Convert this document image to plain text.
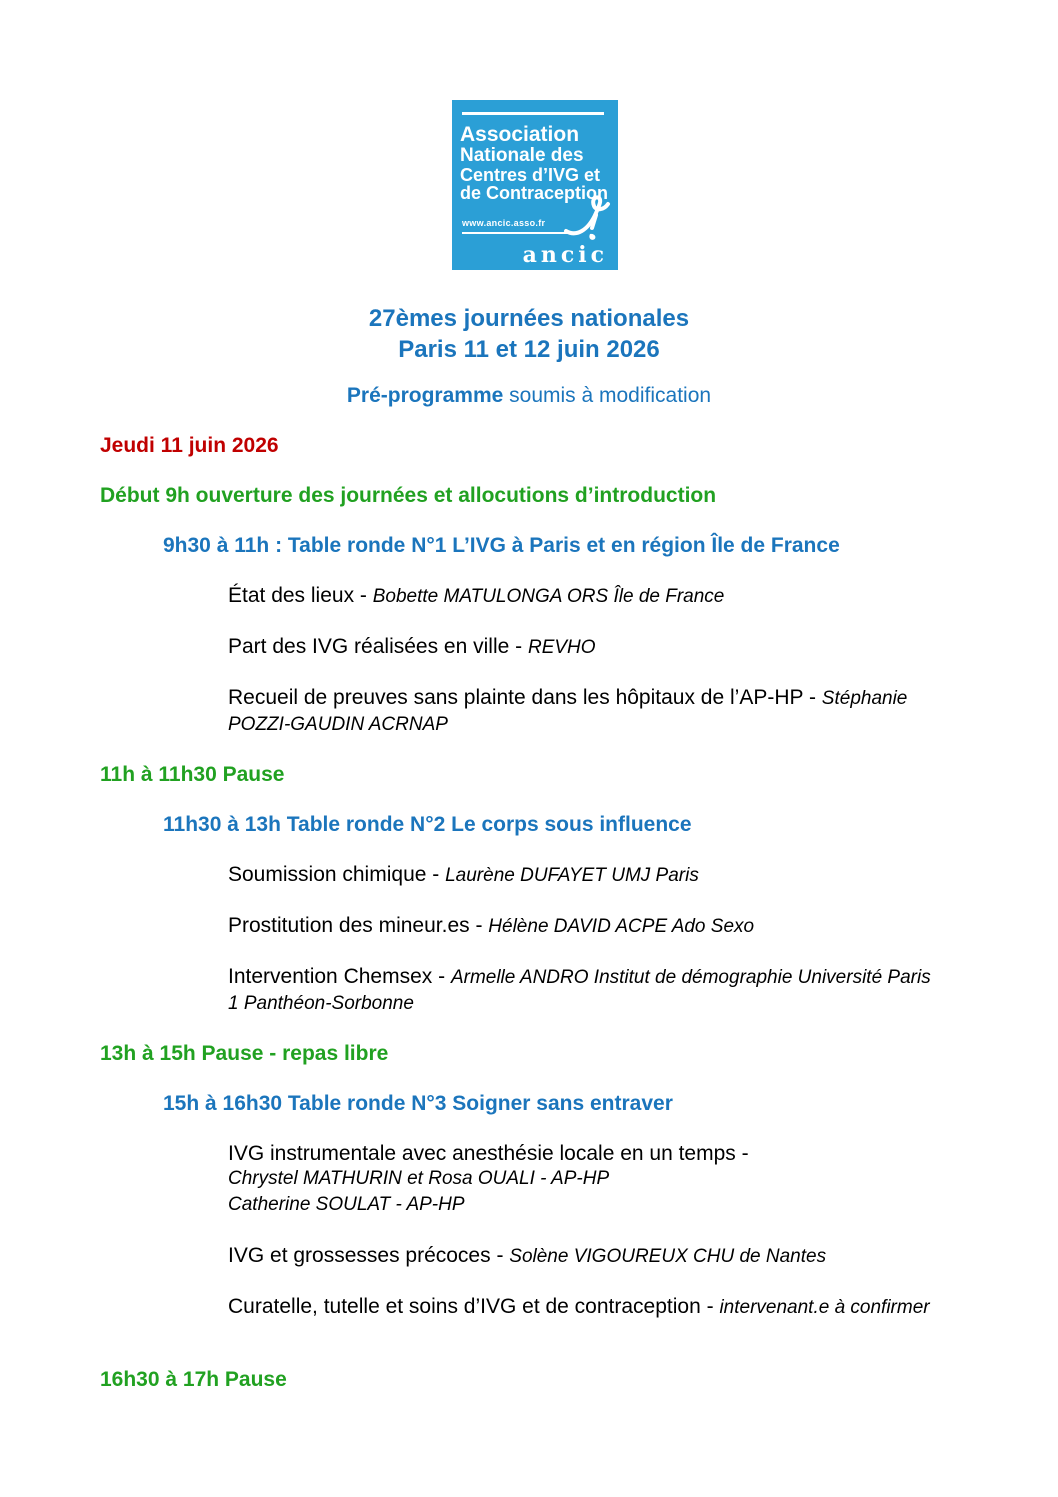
Association
Nationale des
Centres d’IVG et
de Contraception
www.ancic.asso.fr
ancic
27èmes journées nationales
Paris 11 et 12 juin 2026
Pré-programme soumis à modification

Jeudi 11 juin 2026

Début 9h ouverture des journées et allocutions d’introduction

9h30 à 11h : Table ronde N°1 L’IVG à Paris et en région Île de France

État des lieux - Bobette MATULONGA ORS Île de France

Part des IVG réalisées en ville - REVHO

Recueil de preuves sans plainte dans les hôpitaux de l’AP-HP - Stéphanie POZZI-GAUDIN ACRNAP

11h à 11h30 Pause

11h30 à 13h Table ronde N°2 Le corps sous influence

Soumission chimique - Laurène DUFAYET UMJ Paris

Prostitution des mineur.es - Hélène DAVID ACPE Ado Sexo

Intervention Chemsex - Armelle ANDRO Institut de démographie Université Paris 1 Panthéon-Sorbonne

13h à 15h Pause - repas libre

15h à 16h30 Table ronde N°3 Soigner sans entraver

IVG instrumentale avec anesthésie locale en un temps -
Chrystel MATHURIN et Rosa OUALI - AP-HP
Catherine SOULAT - AP-HP

IVG et grossesses précoces - Solène VIGOUREUX CHU de Nantes

Curatelle, tutelle et soins d’IVG et de contraception - intervenant.e à confirmer

16h30 à 17h Pause
